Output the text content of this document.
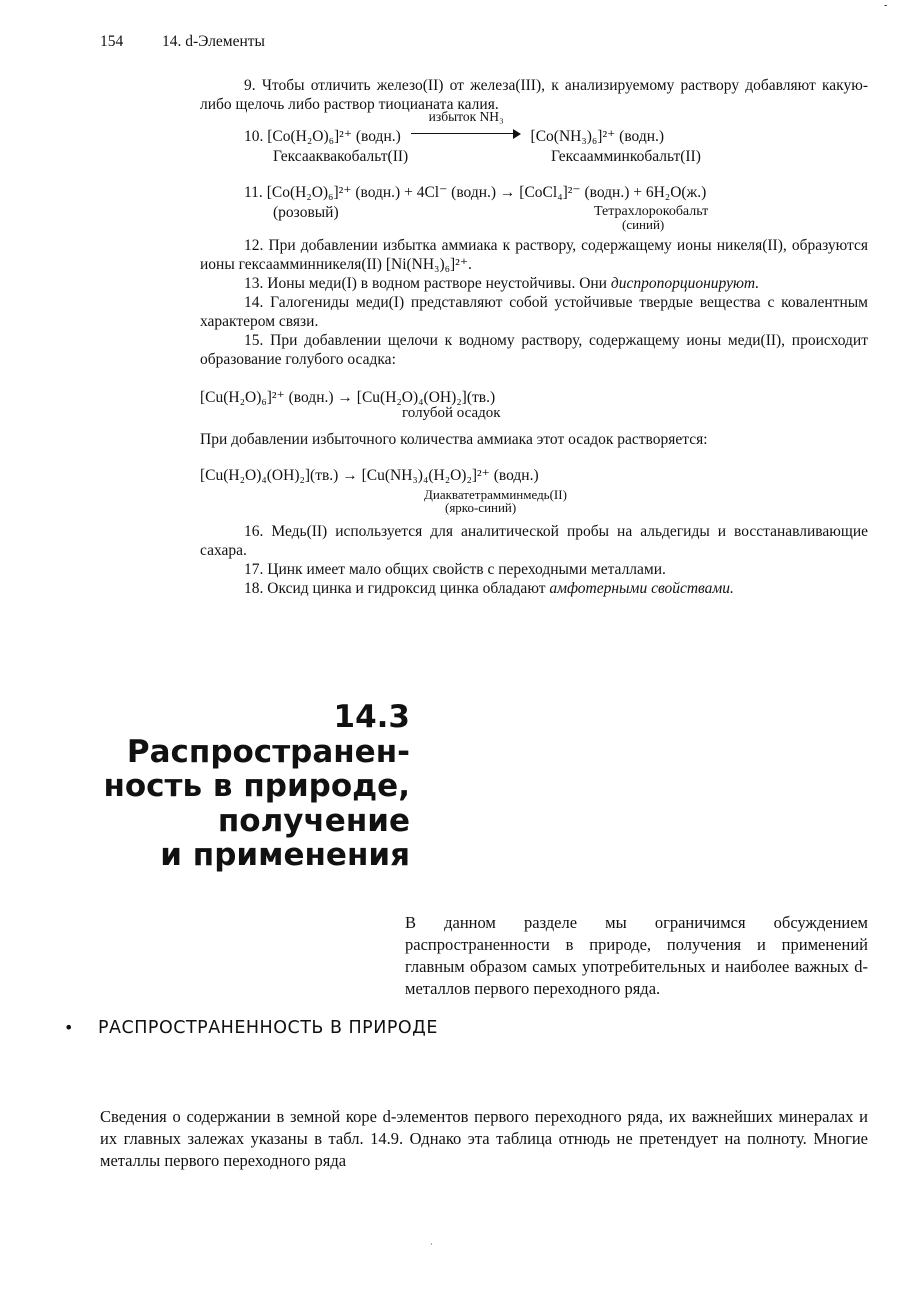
-
154	14. d-Элементы

9. Чтобы отличить железо(II) от железа(III), к анализируемому раствору добавляют какую-либо щелочь либо раствор тиоцианата калия.

10. [Co(H₂O)₆]²⁺ (водн.)
избыток NH₃
[Co(NH₃)₆]²⁺ (водн.)
Гексааквакобальт(II)	Гексаамминкобальт(II)
11. [Co(H₂O)₆]²⁺ (водн.) + 4Cl⁻ (водн.) → [CoCl₄]²⁻ (водн.) + 6H₂O(ж.)
(розовый)	Тетрахлорокобальт
(синий)

12. При добавлении избытка аммиака к раствору, содержащему ионы никеля(II), образуются ионы гексаамминникеля(II) [Ni(NH₃)₆]²⁺.

13. Ионы меди(I) в водном растворе неустойчивы. Они диспропорционируют.

14. Галогениды меди(I) представляют собой устойчивые твердые вещества с ковалентным характером связи.

15. При добавлении щелочи к водному раствору, содержащему ионы меди(II), происходит образование голубого осадка:

[Cu(H₂O)₆]²⁺ (водн.) → [Cu(H₂O)₄(OH)₂](тв.)
голубой осадок

При добавлении избыточного количества аммиака этот осадок растворяется:

[Cu(H₂O)₄(OH)₂](тв.) → [Cu(NH₃)₄(H₂O)₂]²⁺ (водн.)
Диакватетрамминмедь(II)
(ярко-синий)

16. Медь(II) используется для аналитической пробы на альдегиды и восстанавливающие сахара.

17. Цинк имеет мало общих свойств с переходными металлами.

18. Оксид цинка и гидроксид цинка обладают амфотерными свойствами.

14.3
Распространен-
ность в природе,
получение
и применения
В данном разделе мы ограничимся обсуждением распространенности в природе, получения и применений главным образом самых употребительных и наиболее важных d-металлов первого переходного ряда.
• РАСПРОСТРАНЕННОСТЬ В ПРИРОДЕ
Сведения о содержании в земной коре d-элементов первого переходного ряда, их важнейших минералах и их главных залежах указаны в табл. 14.9. Однако эта таблица отнюдь не претендует на полноту. Многие металлы первого переходного ряда
·
